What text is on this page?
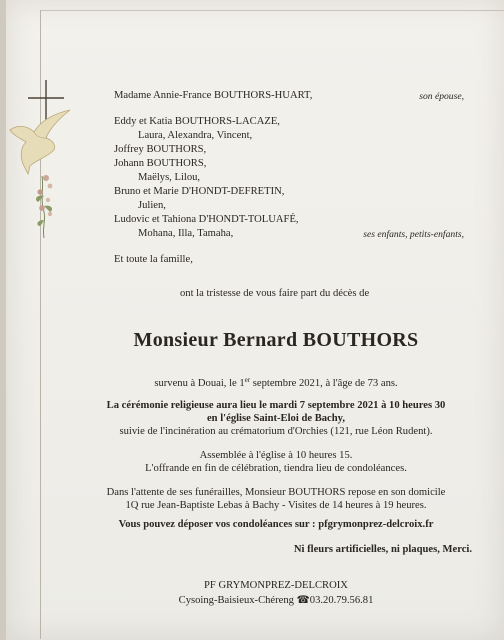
Madame Annie-France BOUTHORS-HUART,	son épouse,
Eddy et Katia BOUTHORS-LACAZE,
Laura, Alexandra, Vincent,
Joffrey BOUTHORS,
Johann BOUTHORS,
Maëlys, Lilou,
Bruno et Marie D'HONDT-DEFRETIN,
Julien,
Ludovic et Tahiona D'HONDT-TOLUAFÉ,
Mohana, Illa, Tamaha,	ses enfants, petits-enfants,
Et toute la famille,
ont la tristesse de vous faire part du décès de
Monsieur Bernard BOUTHORS
survenu à Douai, le 1er septembre 2021, à l'âge de 73 ans.
La cérémonie religieuse aura lieu le mardi 7 septembre 2021 à 10 heures 30
en l'église Saint-Eloi de Bachy,
suivie de l'incinération au crématorium d'Orchies (121, rue Léon Rudent).
Assemblée à l'église à 10 heures 15.
L'offrande en fin de célébration, tiendra lieu de condoléances.
Dans l'attente de ses funérailles, Monsieur BOUTHORS repose en son domicile
1Q rue Jean-Baptiste Lebas à Bachy - Visites de 14 heures à 19 heures.
Vous pouvez déposer vos condoléances sur : pfgrymonprez-delcroix.fr
Ni fleurs artificielles, ni plaques, Merci.
PF GRYMONPREZ-DELCROIX
Cysoing-Baisieux-Chéreng ☎03.20.79.56.81
